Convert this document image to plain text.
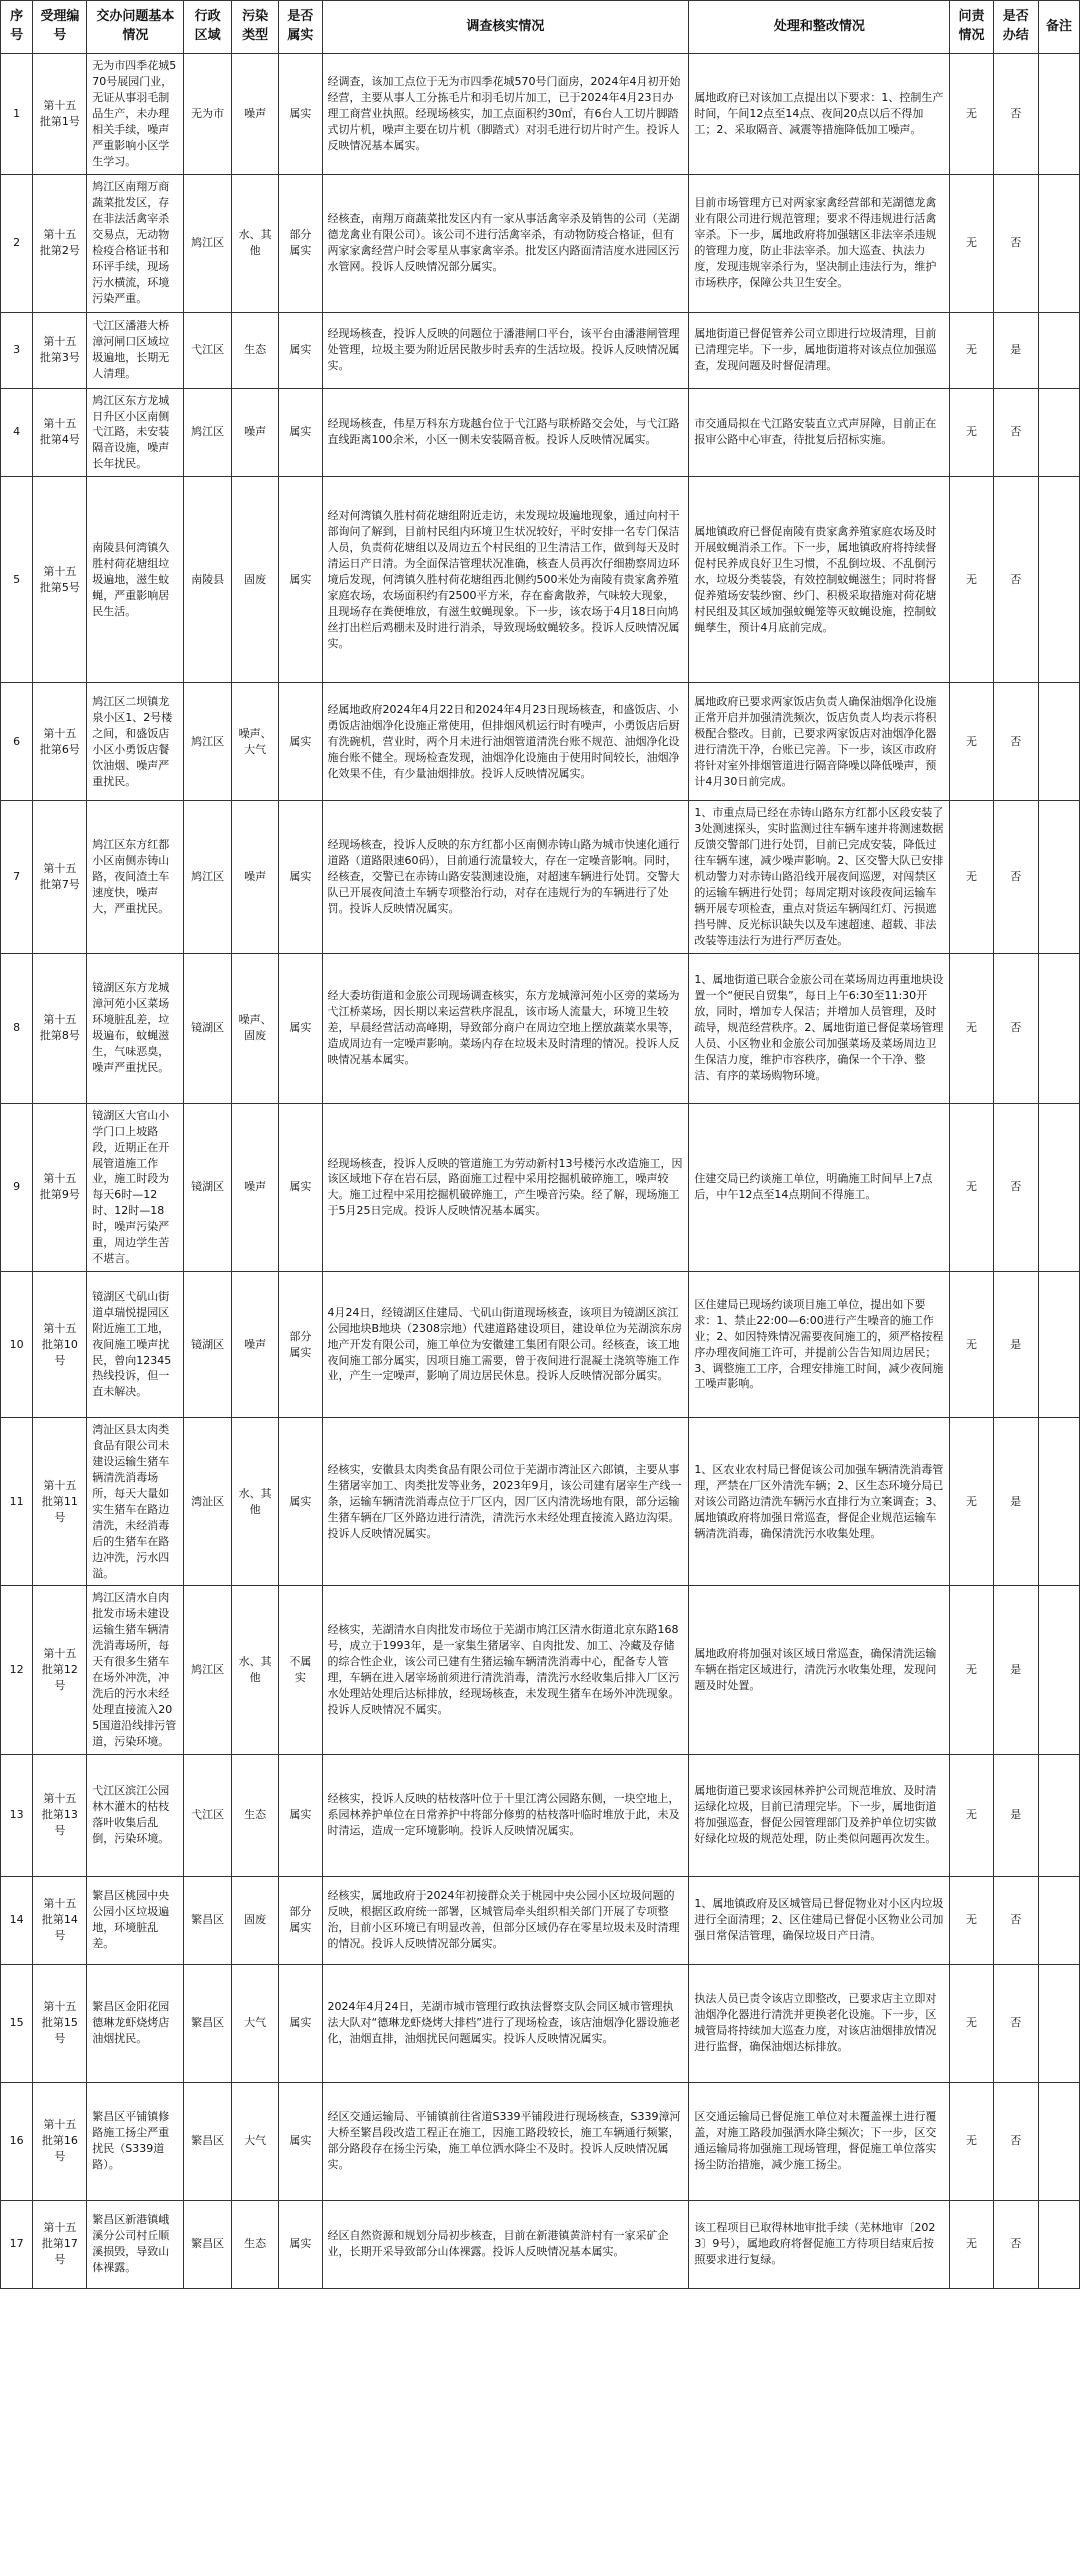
序号	受理编号	交办问题基本情况	行政区域	污染类型	是否属实	调查核实情况	处理和整改情况	问责情况	是否办结	备注
1	第十五批第1号	无为市四季花城570号展园门业，无证从事羽毛制品生产，未办理相关手续，噪声严重影响小区学生学习。	无为市	噪声	属实	经调查，该加工点位于无为市四季花城570号门面房，2024年4月初开始经营，主要从事人工分拣毛片和羽毛切片加工，已于2024年4月23日办理工商营业执照。经现场核实，加工点面积约30㎡，有6台人工切片脚踏式切片机，噪声主要在切片机（脚踏式）对羽毛进行切片时产生。投诉人反映情况基本属实。	属地政府已对该加工点提出以下要求：1、控制生产时间，午间12点至14点、夜间20点以后不得加工；2、采取隔音、减震等措施降低加工噪声。	无	否	
2	第十五批第2号	鸠江区南翔万商蔬菜批发区，存在非法活禽宰杀交易点，无动物检疫合格证书和环评手续，现场污水横流，环境污染严重。	鸠江区	水、其他	部分属实	经核查，南翔万商蔬菜批发区内有一家从事活禽宰杀及销售的公司（芜湖德龙禽业有限公司）。该公司不进行活禽宰杀，有动物防疫合格证，但有两家家禽经营户时会零星从事家禽宰杀。批发区内路面清洁度水进园区污水管网。投诉人反映情况部分属实。	目前市场管理方已对两家家禽经营部和芜湖德龙禽业有限公司进行规范管理；要求不得违规进行活禽宰杀。下一步，属地政府将加强辖区非法宰杀违规的管理力度，防止非法宰杀。加大巡查、执法力度，发现违规宰杀行为，坚决制止违法行为，维护市场秩序，保障公共卫生安全。	无	否	
3	第十五批第3号	弋江区潘港大桥漳河闸口区域垃圾遍地，长期无人清理。	弋江区	生态	属实	经现场核查，投诉人反映的问题位于潘港闸口平台，该平台由潘港闸管理处管理，垃圾主要为附近居民散步时丢弃的生活垃圾。投诉人反映情况属实。	属地街道已督促管养公司立即进行垃圾清理，目前已清理完毕。下一步，属地街道将对该点位加强巡查，发现问题及时督促清理。	无	是	
4	第十五批第4号	鸠江区东方龙城日升区小区南侧弋江路，未安装隔音设施，噪声长年扰民。	鸠江区	噪声	属实	经现场核查，伟星万科东方珑越台位于弋江路与联桥路交会处，与弋江路直线距离100余米，小区一侧未安装隔音板。投诉人反映情况属实。	市交通局拟在弋江路安装直立式声屏障，目前正在报审公路中心审查，待批复后招标实施。	无	否	
5	第十五批第5号	南陵县何湾镇久胜村荷花塘组垃圾遍地，滋生蚊蝇，严重影响居民生活。	南陵县	固废	属实	经对何湾镇久胜村荷花塘组附近走访，未发现垃圾遍地现象，通过向村干部询问了解到，目前村民组内环境卫生状况较好，平时安排一名专门保洁人员，负责荷花塘组以及周边五个村民组的卫生清洁工作，做到每天及时清运日产日清。为全面保洁管理状况准确，核查人员再次仔细勘察周边环境后发现，何湾镇久胜村荷花塘组西北侧约500米处为南陵有贵家禽养殖家庭农场，农场面积约有2500平方米，存在畜禽散养，气味较大现象，且现场存在粪便堆放，有滋生蚊蝇现象。下一步，该农场于4月18日向鸠丝打出栏后鸡棚未及时进行消杀，导致现场蚊蝇较多。投诉人反映情况属实。	属地镇政府已督促南陵有贵家禽养殖家庭农场及时开展蚊蝇消杀工作。下一步，属地镇政府将持续督促村民养成良好卫生习惯，不乱倒垃圾、不乱倒污水，垃圾分类装袋，有效控制蚊蝇滋生；同时将督促养殖场安装纱窗、纱门、积极采取措施对荷花塘村民组及其区域加强蚊蝇笼等灭蚊蝇设施，控制蚊蝇孳生，预计4月底前完成。	无	否	
6	第十五批第6号	鸠江区二坝镇龙泉小区1、2号楼之间，和盛饭店小区小勇饭店餐饮油烟、噪声严重扰民。	鸠江区	噪声、大气	属实	经属地政府2024年4月22日和2024年4月23日现场核查，和盛饭店、小勇饭店油烟净化设施正常使用，但排烟风机运行时有噪声，小勇饭店后厨有洗碗机，营业时，两个月未进行油烟管道清洗台账不规范、油烟净化设施台账不健全。现场检查发现，油烟净化设施由于使用时间较长，油烟净化效果不佳，有少量油烟排放。投诉人反映情况属实。	属地政府已要求两家饭店负责人确保油烟净化设施正常开启并加强清洗频次，饭店负责人均表示将积极配合整改。目前，已要求两家饭店对油烟净化器进行清洗干净，台账已完善。下一步，该区市政府将针对室外排烟管道进行隔音降噪以降低噪声，预计4月30日前完成。	无	否	
7	第十五批第7号	鸠江区东方红都小区南侧赤铸山路，夜间渣土车速度快，噪声大，严重扰民。	鸠江区	噪声	属实	经现场核查，投诉人反映的东方红都小区南侧赤铸山路为城市快速化通行道路（道路限速60码），目前通行流量较大，存在一定噪音影响。同时，经核查，交警已在赤铸山路安装测速设施，对超速车辆进行处罚。交警大队已开展夜间渣土车辆专项整治行动，对存在违规行为的车辆进行了处罚。投诉人反映情况属实。	1、市重点局已经在赤铸山路东方红都小区段安装了3处测速探头，实时监测过往车辆车速并将测速数据反馈交警部门进行处罚，目前已完成安装，降低过往车辆车速，减少噪声影响。2、区交警大队已安排机动警力对赤铸山路沿线开展夜间巡逻，对闯禁区的运输车辆进行处罚；每周定期对该段夜间运输车辆开展专项检查，重点对货运车辆闯红灯、污损遮挡号牌、反光标识缺失以及车速超速、超载、非法改装等违法行为进行严厉查处。	无	否	
8	第十五批第8号	镜湖区东方龙城漳河苑小区菜场环境脏乱差，垃圾遍布，蚊蝇滋生，气味恶臭，噪声严重扰民。	镜湖区	噪声、固废	属实	经大委坊街道和金旅公司现场调查核实，东方龙城漳河苑小区旁的菜场为弋江桥菜场，因长期以来运营秩序混乱，该市场人流量大，环境卫生较差，早晨经营活动高峰期，导致部分商户在周边空地上摆放蔬菜水果等，造成周边有一定噪声影响。菜场内存在垃圾未及时清理的情况。投诉人反映情况基本属实。	1、属地街道已联合金旅公司在菜场周边再重地块设置一个“便民自贸集”，每日上午6:30至11:30开放，同时，增加专人保洁；并增加人员管理，及时疏导，规范经营秩序。2、属地街道已督促菜场管理人员、小区物业和金旅公司加强菜场及菜场周边卫生保洁力度，维护市容秩序，确保一个干净、整洁、有序的菜场购物环境。	无	否	
9	第十五批第9号	镜湖区大官山小学门口上坡路段，近期正在开展管道施工作业，施工时段为每天6时—12时、12时—18时，噪声污染严重，周边学生苦不堪言。	镜湖区	噪声	属实	经现场核查，投诉人反映的管道施工为劳动新村13号楼污水改造施工，因该区域地下存在岩石层，路面施工过程中采用挖掘机破碎施工，噪声较大。施工过程中采用挖掘机破碎施工，产生噪音污染。经了解，现场施工于5月25日完成。投诉人反映情况基本属实。	住建交局已约谈施工单位，明确施工时间早上7点后，中午12点至14点期间不得施工。	无	否	
10	第十五批第10号	镜湖区弋矶山街道卓瑞悦提园区附近施工工地，夜间施工噪声扰民，曾向12345热线投诉，但一直未解决。	镜湖区	噪声	部分属实	4月24日，经镜湖区住建局、弋矶山街道现场核查，该项目为镜湖区滨江公园地块B地块（2308宗地）代建道路建设项目，建设单位为芜湖滨东房地产开发有限公司，施工单位为安徽建工集团有限公司。经核查，该工地夜间施工部分属实，因项目施工需要，曾于夜间进行混凝土浇筑等施工作业，产生一定噪声，影响了周边居民休息。投诉人反映情况部分属实。	区住建局已现场约谈项目施工单位，提出如下要求：1、禁止22:00—6:00进行产生噪音的施工作业；2、如因特殊情况需要夜间施工的，须严格按程序办理夜间施工许可，并提前公告告知周边居民；3、调整施工工序，合理安排施工时间，减少夜间施工噪声影响。	无	是	
11	第十五批第11号	湾沚区县太肉类食品有限公司未建设运输生猪车辆清洗消毒场所，每天大量如实生猪车在路边清洗，未经消毒后的生猪车在路边冲洗，污水四溢。	湾沚区	水、其他	属实	经核实，安徽县太肉类食品有限公司位于芜湖市湾沚区六郎镇，主要从事生猪屠宰加工、肉类批发等业务，2023年9月，该公司建有屠宰生产线一条，运输车辆清洗消毒点位于厂区内，因厂区内清洗场地有限，部分运输生猪车辆在厂区外路边进行清洗，清洗污水未经处理直接流入路边沟渠。投诉人反映情况属实。	1、区农业农村局已督促该公司加强车辆清洗消毒管理，严禁在厂区外清洗车辆；2、区生态环境分局已对该公司路边清洗车辆污水直排行为立案调查；3、属地镇政府将加强日常巡查，督促企业规范运输车辆清洗消毒，确保清洗污水收集处理。	无	是	
12	第十五批第12号	鸠江区清水自肉批发市场未建设运输生猪车辆清洗消毒场所，每天有很多生猪车在场外冲洗，冲洗后的污水未经处理直接流入205国道沿线排污管道，污染环境。	鸠江区	水、其他	不属实	经核实，芜湖清水自肉批发市场位于芜湖市鸠江区清水街道北京东路168号，成立于1993年，是一家集生猪屠宰、自肉批发、加工、冷藏及存储的综合性企业，该公司已建有生猪运输车辆清洗消毒中心，配备专人管理，车辆在进入屠宰场前须进行清洗消毒，清洗污水经收集后排入厂区污水处理站处理后达标排放，经现场核查，未发现生猪车在场外冲洗现象。投诉人反映情况不属实。	属地政府将加强对该区域日常巡查，确保清洗运输车辆在指定区域进行，清洗污水收集处理，发现问题及时处置。	无	是	
13	第十五批第13号	弋江区滨江公园林木灌木的枯枝落叶收集后乱倒，污染环境。	弋江区	生态	属实	经核实，投诉人反映的枯枝落叶位于十里江湾公园路东侧，一块空地上，系园林养护单位在日常养护中将部分修剪的枯枝落叶临时堆放于此，未及时清运，造成一定环境影响。投诉人反映情况属实。	属地街道已要求该园林养护公司规范堆放、及时清运绿化垃圾，目前已清理完毕。下一步，属地街道将加强巡查，督促公园管理部门及养护单位切实做好绿化垃圾的规范处理，防止类似问题再次发生。	无	是	
14	第十五批第14号	繁昌区桃园中央公园小区垃圾遍地，环境脏乱差。	繁昌区	固废	部分属实	经核实，属地政府于2024年初接群众关于桃园中央公园小区垃圾问题的反映，根据区政府统一部署，区城管局牵头组织相关部门开展了专项整治，目前小区环境已有明显改善，但部分区域仍存在零星垃圾未及时清理的情况。投诉人反映情况部分属实。	1、属地镇政府及区城管局已督促物业对小区内垃圾进行全面清理；2、区住建局已督促小区物业公司加强日常保洁管理，确保垃圾日产日清。	无	否	
15	第十五批第15号	繁昌区金阳花园德琳龙虾烧烤店油烟扰民。	繁昌区	大气	属实	2024年4月24日，芜湖市城市管理行政执法督察支队会同区城市管理执法大队对“德琳龙虾烧烤大排档”进行了现场检查，该店油烟净化器设施老化，油烟直排，油烟扰民问题属实。投诉人反映情况属实。	执法人员已责令该店立即整改，已要求店主立即对油烟净化器进行清洗并更换老化设施。下一步，区城管局将持续加大巡查力度，对该店油烟排放情况进行监督，确保油烟达标排放。	无	否	
16	第十五批第16号	繁昌区平铺镇修路施工扬尘严重扰民（S339道路）。	繁昌区	大气	属实	经区交通运输局、平铺镇前往省道S339平铺段进行现场核查，S339漳河大桥至繁昌段改造工程正在施工，因施工路段较长，施工车辆通行频繁，部分路段存在扬尘污染，施工单位洒水降尘不及时。投诉人反映情况属实。	区交通运输局已督促施工单位对未覆盖裸土进行覆盖，对施工路段加强洒水降尘频次；下一步，区交通运输局将加强施工现场管理，督促施工单位落实扬尘防治措施，减少施工扬尘。	无	否	
17	第十五批第17号	繁昌区新港镇峨溪分公司村丘顺溪损毁，导致山体裸露。	繁昌区	生态	属实	经区自然资源和规划分局初步核查，目前在新港镇黄浒村有一家采矿企业，长期开采导致部分山体裸露。投诉人反映情况基本属实。	该工程项目已取得林地审批手续（芜林地审〔2023〕9号），属地政府将督促施工方待项目结束后按照要求进行复绿。	无	否	
